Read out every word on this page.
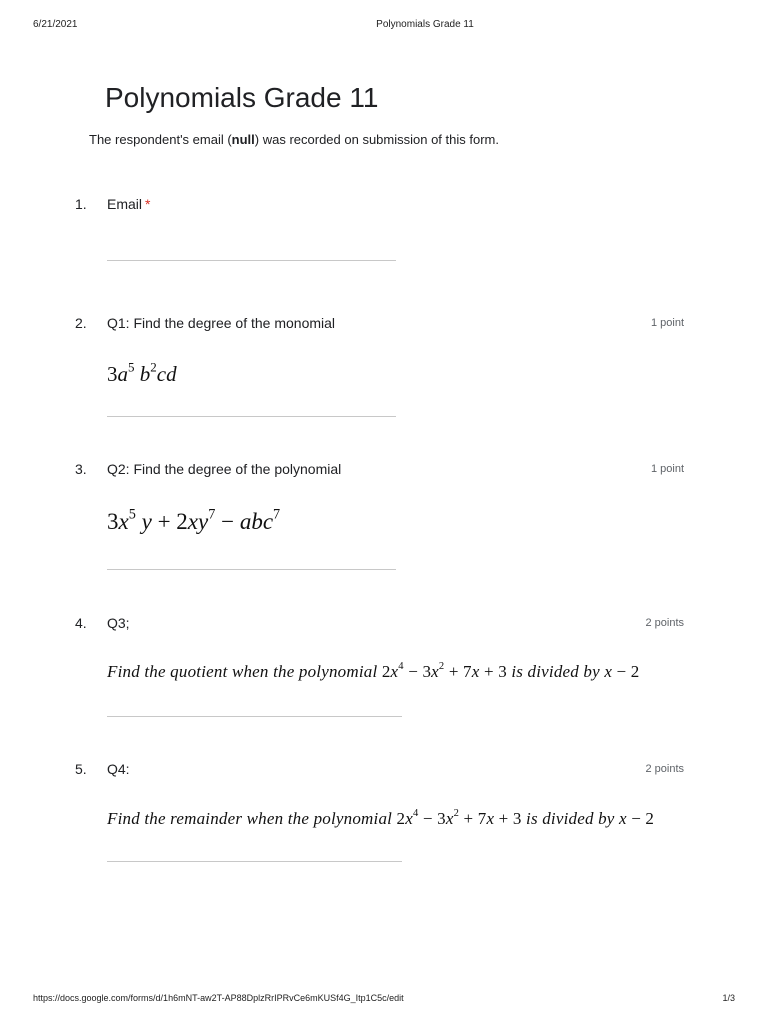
6/21/2021	Polynomials Grade 11
Polynomials Grade 11
The respondent's email (null) was recorded on submission of this form.
1. Email *
2. Q1: Find the degree of the monomial	1 point
$3a^5$ $b^2cd$
3. Q2: Find the degree of the polynomial	1 point
$3x^5$ $y + 2xy^7 - abc^7$
4. Q3;	2 points
Find the quotient when the polynomial $2x^4 - 3x^2 + 7x + 3$ is divided by x − 2
5. Q4:	2 points
Find the remainder when the polynomial $2x^4 - 3x^2 + 7x + 3$ is divided by x − 2
https://docs.google.com/forms/d/1h6mNT-aw2T-AP88DplzRrIPRvCe6mKUSf4G_Itp1C5c/edit	1/3
